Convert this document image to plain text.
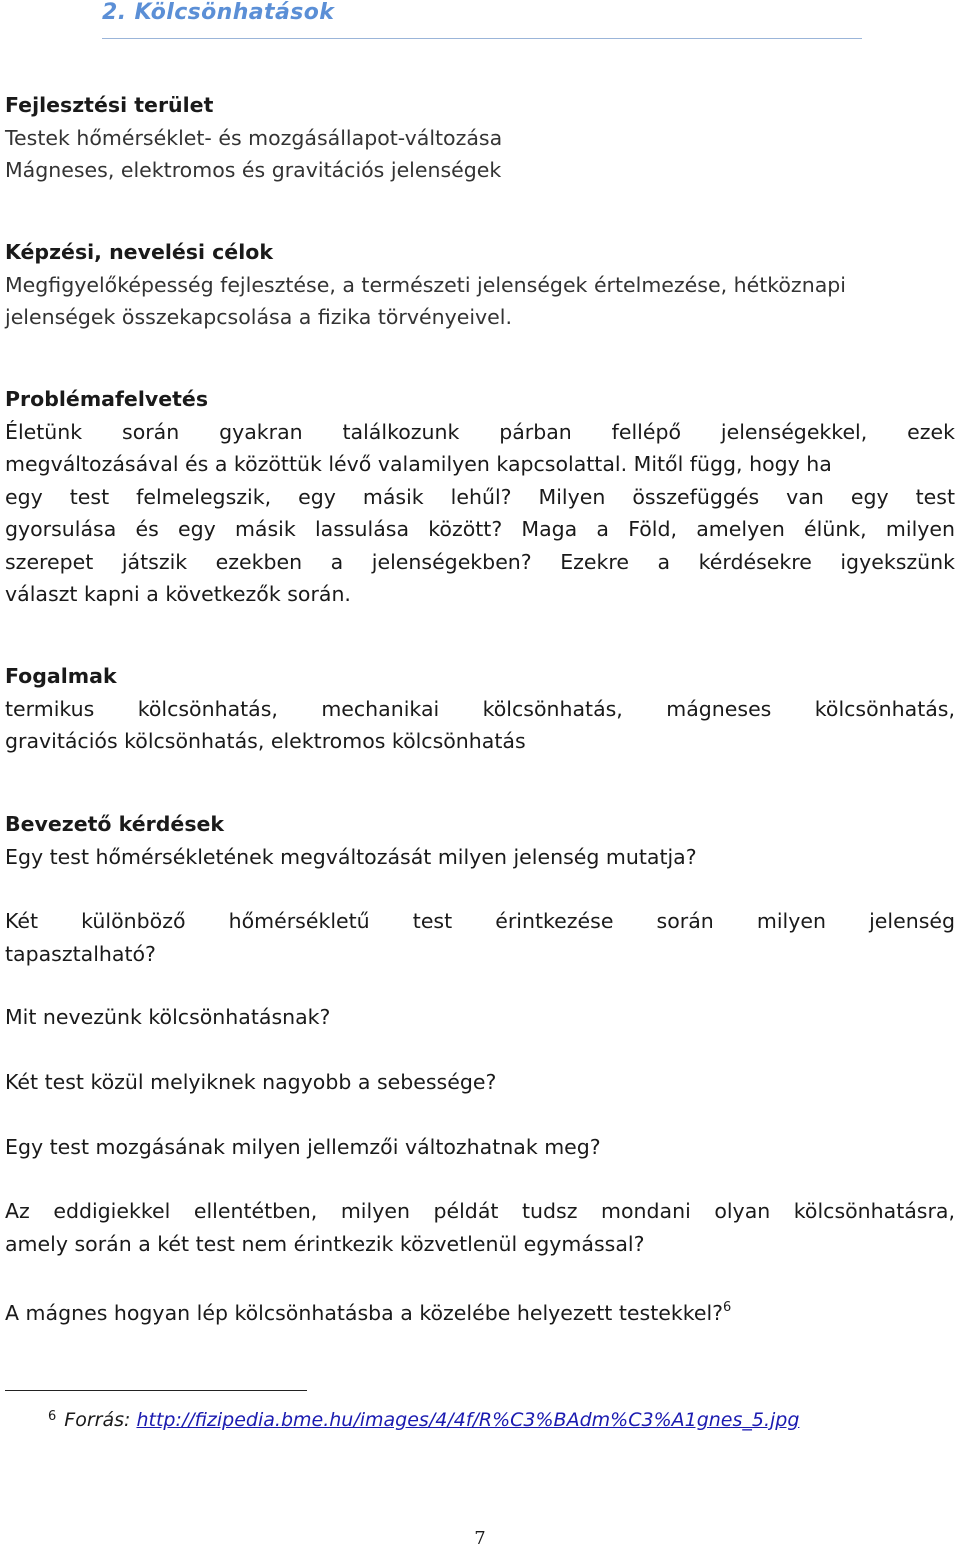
2. Kölcsönhatások
Fejlesztési terület
Testek hőmérséklet- és mozgásállapot-változása
Mágneses, elektromos és gravitációs jelenségek
Képzési, nevelési célok
Megfigyelőképesség fejlesztése, a természeti jelenségek értelmezése, hétköznapi
jelenségek összekapcsolása a fizika törvényeivel.
Problémafelvetés
Életünk során gyakran találkozunk párban fellépő jelenségekkel, ezek
megváltozásával és a közöttük lévő valamilyen kapcsolattal. Mitől függ, hogy ha
egy test felmelegszik, egy másik lehűl? Milyen összefüggés van egy test
gyorsulása és egy másik lassulása között? Maga a Föld, amelyen élünk, milyen
szerepet játszik ezekben a jelenségekben? Ezekre a kérdésekre igyekszünk
választ kapni a következők során.
Fogalmak
termikus kölcsönhatás, mechanikai kölcsönhatás, mágneses kölcsönhatás,
gravitációs kölcsönhatás, elektromos kölcsönhatás
Bevezető kérdések
Egy test hőmérsékletének megváltozását milyen jelenség mutatja?
Két különböző hőmérsékletű test érintkezése során milyen jelenség
tapasztalható?
Mit nevezünk kölcsönhatásnak?
Két test közül melyiknek nagyobb a sebessége?
Egy test mozgásának milyen jellemzői változhatnak meg?
Az eddigiekkel ellentétben, milyen példát tudsz mondani olyan kölcsönhatásra,
amely során a két test nem érintkezik közvetlenül egymással?
A mágnes hogyan lép kölcsönhatásba a közelébe helyezett testekkel?$^6$
$^6$ Forrás: http://fizipedia.bme.hu/images/4/4f/R%C3%BAdm%C3%A1gnes_5.jpg
7
